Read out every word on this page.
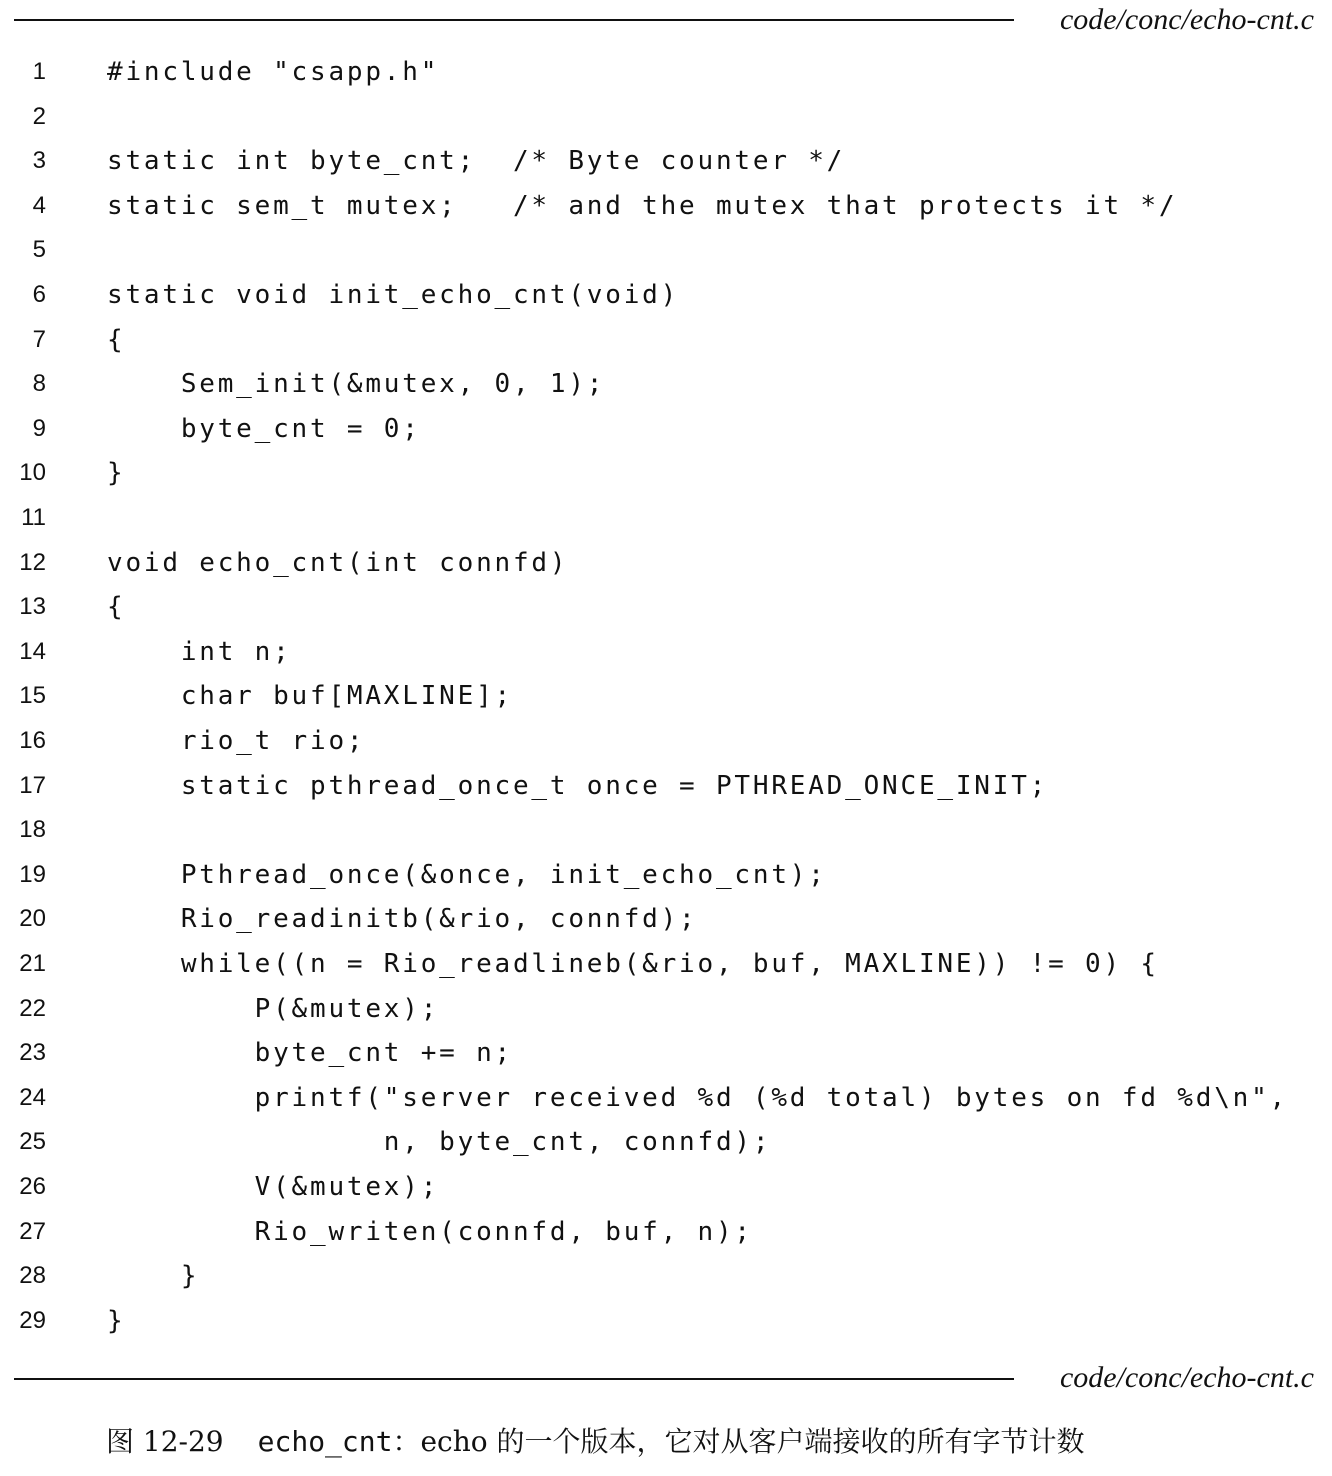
code/conc/echo-cnt.c
1 #include "csapp.h"
2
3 static int byte_cnt;  /* Byte counter */
4 static sem_t mutex;   /* and the mutex that protects it */
5
6 static void init_echo_cnt(void)
7 {
8 Sem_init(&mutex, 0, 1);
9 byte_cnt = 0;
10 }
11
12 void echo_cnt(int connfd)
13 {
14 int n;
15 char buf[MAXLINE];
16 rio_t rio;
17 static pthread_once_t once = PTHREAD_ONCE_INIT;
18
19 Pthread_once(&once, init_echo_cnt);
20 Rio_readinitb(&rio, connfd);
21 while((n = Rio_readlineb(&rio, buf, MAXLINE)) != 0) {
22 P(&mutex);
23 byte_cnt += n;
24 printf("server received %d (%d total) bytes on fd %d\n",
25 n, byte_cnt, connfd);
26 V(&mutex);
27 Rio_writen(connfd, buf, n);
28 }
29 }
code/conc/echo-cnt.c
图 12-29 echo_cnt：echo 的一个版本，它对从客户端接收的所有字节计数
